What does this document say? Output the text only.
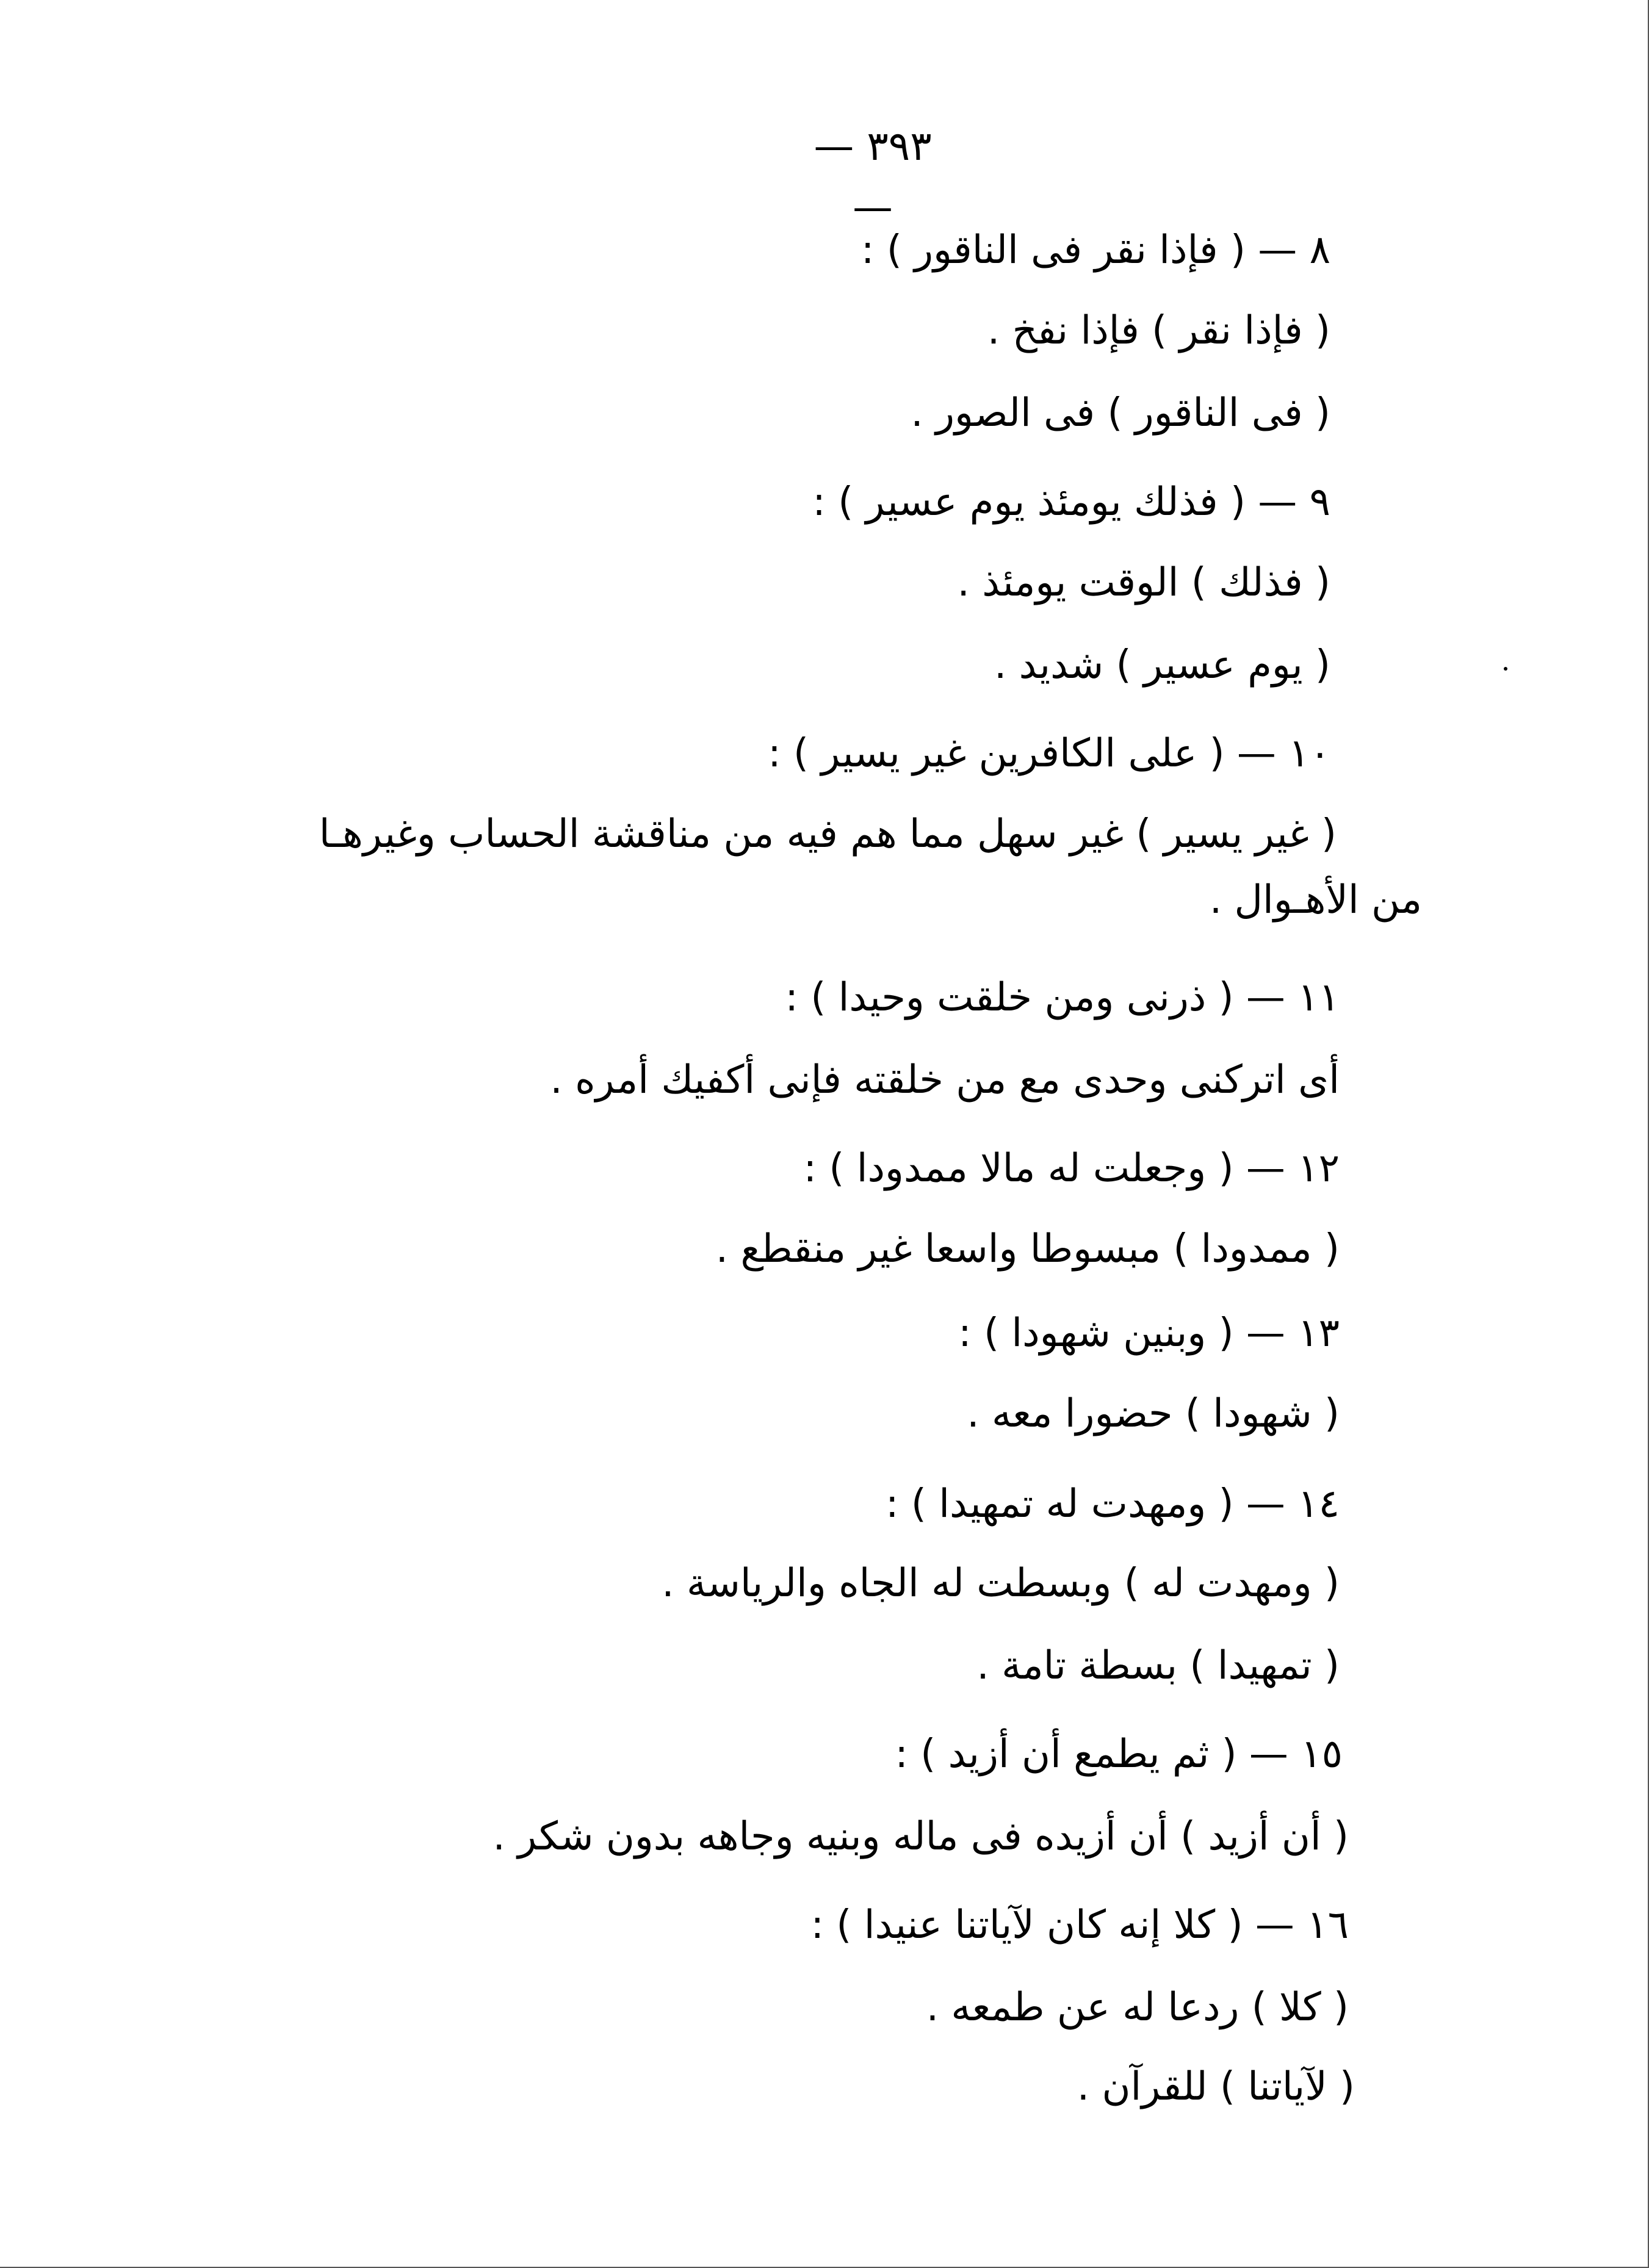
— ٣٩٣ —
٨ — ( فإذا نقر فى الناقور ) :
( فإذا نقر ) فإذا نفخ .
( فى الناقور ) فى الصور .
٩ — ( فذلك يومئذ يوم عسير ) :
( فذلك ) الوقت يومئذ .
( يوم عسير ) شديد .
١٠ — ( على الكافرين غير يسير ) :
( غير يسير ) غير سهل مما هم فيه من مناقشة الحساب وغيرهـا
من الأهـوال .
١١ — ( ذرنى ومن خلقت وحيدا ) :
أى اتركنى وحدى مع من خلقته فإنى أكفيك أمره .
١٢ — ( وجعلت له مالا ممدودا ) :
( ممدودا ) مبسوطا واسعا غير منقطع .
١٣ — ( وبنين شهودا ) :
( شهودا ) حضورا معه .
١٤ — ( ومهدت له تمهيدا ) :
( ومهدت له ) وبسطت له الجاه والرياسة .
( تمهيدا ) بسطة تامة .
١٥ — ( ثم يطمع أن أزيد ) :
( أن أزيد ) أن أزيده فى ماله وبنيه وجاهه بدون شكر .
١٦ — ( كلا إنه كان لآياتنا عنيدا ) :
( كلا ) ردعا له عن طمعه .
( لآياتنا ) للقرآن .
